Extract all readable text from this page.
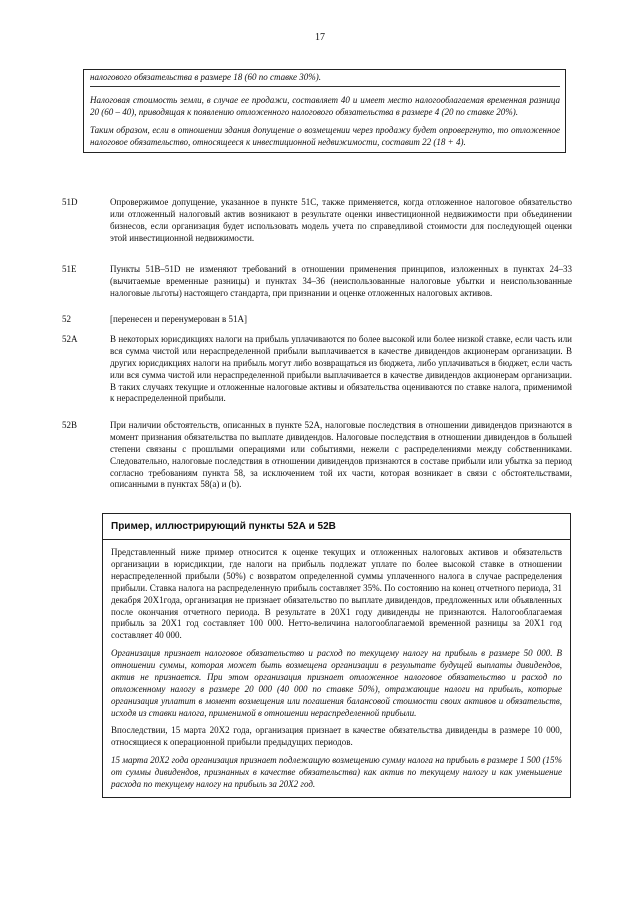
17

налогового обязательства в размере 18 (60 по ставке 30%).

Налоговая стоимость земли, в случае ее продажи, составляет 40 и имеет место налогооблагаемая временная разница 20 (60 – 40), приводящая к появлению отложенного налогового обязательства в размере 4 (20 по ставке 20%).

Таким образом, если в отношении здания допущение о возмещении через продажу будет опровергнуто, то отложенное налоговое обязательство, относящееся к инвестиционной недвижимости, составит 22 (18 + 4).

51D	Опровержимое допущение, указанное в пункте 51С, также применяется, когда отложенное налоговое обязательство или отложенный налоговый актив возникают в результате оценки инвестиционной недвижимости при объединении бизнесов, если организация будет использовать модель учета по справедливой стоимости для последующей оценки этой инвестиционной недвижимости.
51E	Пункты 51В–51D не изменяют требований в отношении применения принципов, изложенных в пунктах 24–33 (вычитаемые временные разницы) и пунктах 34–36 (неиспользованные налоговые убытки и неиспользованные налоговые льготы) настоящего стандарта, при признании и оценке отложенных налоговых активов.
52	[перенесен и перенумерован в 51А]
52A	В некоторых юрисдикциях налоги на прибыль уплачиваются по более высокой или более низкой ставке, если часть или вся сумма чистой или нераспределенной прибыли выплачивается в качестве дивидендов акционерам организации. В других юрисдикциях налоги на прибыль могут либо возвращаться из бюджета, либо уплачиваться в бюджет, если часть или вся сумма чистой или нераспределенной прибыли выплачивается в качестве дивидендов акционерам организации. В таких случаях текущие и отложенные налоговые активы и обязательства оцениваются по ставке налога, применимой к нераспределенной прибыли.
52B	При наличии обстоятельств, описанных в пункте 52А, налоговые последствия в отношении дивидендов признаются в момент признания обязательства по выплате дивидендов. Налоговые последствия в отношении дивидендов в большей степени связаны с прошлыми операциями или событиями, нежели с распределениями между собственниками. Следовательно, налоговые последствия в отношении дивидендов признаются в составе прибыли или убытка за период согласно требованиям пункта 58, за исключением той их части, которая возникает в связи с обстоятельствами, описанными в пунктах 58(а) и (b).
Пример, иллюстрирующий пункты 52А и 52В

Представленный ниже пример относится к оценке текущих и отложенных налоговых активов и обязательств организации в юрисдикции, где налоги на прибыль подлежат уплате по более высокой ставке в отношении нераспределенной прибыли (50%) с возвратом определенной суммы уплаченного налога в случае распределения прибыли. Ставка налога на распределенную прибыль составляет 35%. По состоянию на конец отчетного периода, 31 декабря 20Х1года, организация не признает обязательство по выплате дивидендов, предложенных или объявленных после окончания отчетного периода. В результате в 20Х1 году дивиденды не признаются. Налогооблагаемая прибыль за 20Х1 год составляет 100 000. Нетто-величина налогооблагаемой временной разницы за 20Х1 год составляет 40 000.

Организация признает налоговое обязательство и расход по текущему налогу на прибыль в размере 50 000. В отношении суммы, которая может быть возмещена организации в результате будущей выплаты дивидендов, актив не признается. При этом организация признает отложенное налоговое обязательство и расход по отложенному налогу в размере 20 000 (40 000 по ставке 50%), отражающие налоги на прибыль, которые организация уплатит в момент возмещения или погашения балансовой стоимости своих активов и обязательств, исходя из ставки налога, применимой в отношении нераспределенной прибыли.

Впоследствии, 15 марта 20Х2 года, организация признает в качестве обязательства дивиденды в размере 10 000, относящиеся к операционной прибыли предыдущих периодов.

15 марта 20Х2 года организация признает подлежащую возмещению сумму налога на прибыль в размере 1 500 (15% от суммы дивидендов, признанных в качестве обязательства) как актив по текущему налогу и как уменьшение расхода по текущему налогу на прибыль за 20Х2 год.
